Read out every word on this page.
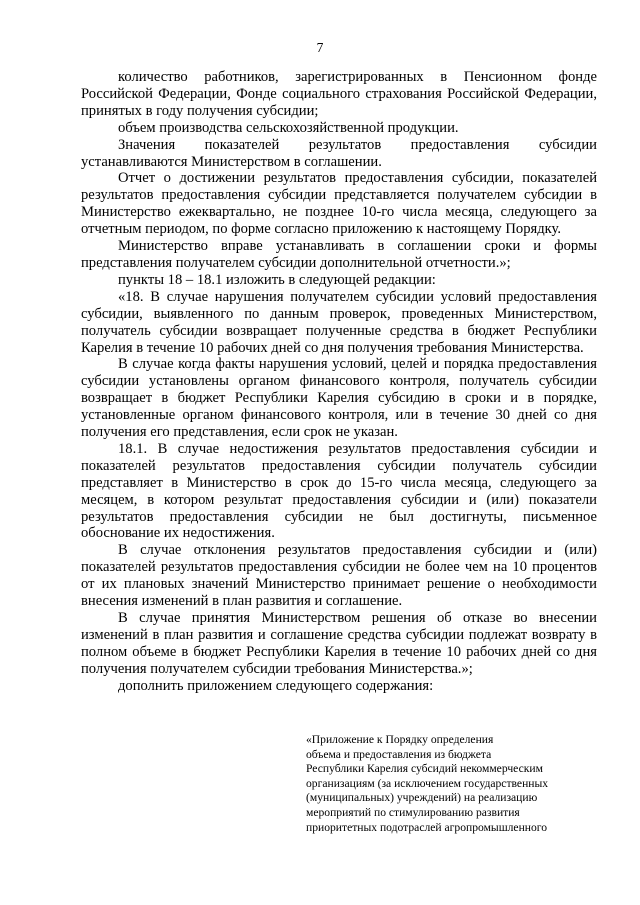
7

количество работников, зарегистрированных в Пенсионном фонде Российской Федерации, Фонде социального страхования Российской Федерации, принятых в году получения субсидии;

объем производства сельскохозяйственной продукции.

Значения показателей результатов предоставления субсидии устанавливаются Министерством в соглашении.

Отчет о достижении результатов предоставления субсидии, показателей результатов предоставления субсидии представляется получателем субсидии в Министерство ежеквартально, не позднее 10-го числа месяца, следующего за отчетным периодом, по форме согласно приложению к настоящему Порядку.

Министерство вправе устанавливать в соглашении сроки и формы представления получателем субсидии дополнительной отчетности.»;

пункты 18 – 18.1 изложить в следующей редакции:

«18. В случае нарушения получателем субсидии условий предоставления субсидии, выявленного по данным проверок, проведенных Министерством, получатель субсидии возвращает полученные средства в бюджет Республики Карелия в течение 10 рабочих дней со дня получения требования Министерства.

В случае когда факты нарушения условий, целей и порядка предоставления субсидии установлены органом финансового контроля, получатель субсидии возвращает в бюджет Республики Карелия субсидию в сроки и в порядке, установленные органом финансового контроля, или в течение 30 дней со дня получения его представления, если срок не указан.

18.1. В случае недостижения результатов предоставления субсидии и показателей результатов предоставления субсидии получатель субсидии представляет в Министерство в срок до 15-го числа месяца, следующего за месяцем, в котором результат предоставления субсидии и (или) показатели результатов предоставления субсидии не был достигнуты, письменное обоснование их недостижения.

В случае отклонения результатов предоставления субсидии и (или) показателей результатов предоставления субсидии не более чем на 10 процентов от их плановых значений Министерство принимает решение о необходимости внесения изменений в план развития и соглашение.

В случае принятия Министерством решения об отказе во внесении изменений в план развития и соглашение средства субсидии подлежат возврату в полном объеме в бюджет Республики Карелия в течение 10 рабочих дней со дня получения получателем субсидии требования Министерства.»;

дополнить приложением следующего содержания:

«Приложение к Порядку определения
объема и предоставления из бюджета
Республики Карелия субсидий некоммерческим
организациям (за исключением государственных
(муниципальных) учреждений) на реализацию
мероприятий по стимулированию развития
приоритетных подотраслей агропромышленного
